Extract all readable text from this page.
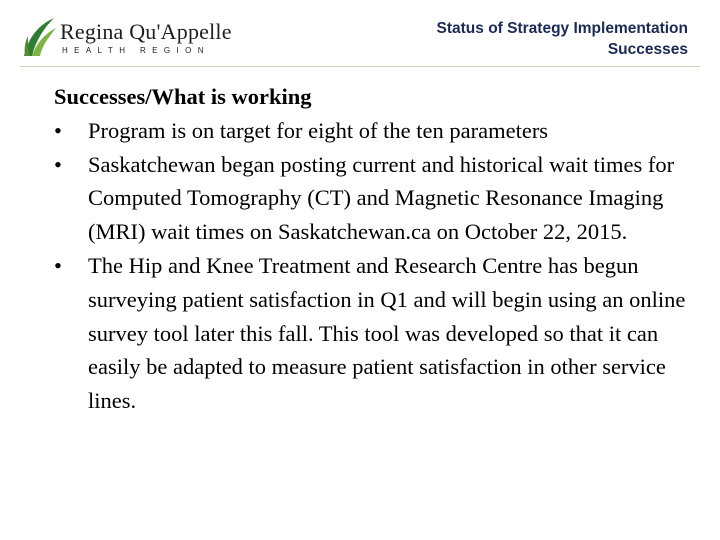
Regina Qu'Appelle
HEALTH REGION
Status of Strategy Implementation
Successes
Successes/What is working
• Program is on target for eight of the ten parameters
• Saskatchewan began posting current and historical wait times for Computed Tomography (CT) and Magnetic Resonance Imaging (MRI) wait times on Saskatchewan.ca on October 22, 2015.
• The Hip and Knee Treatment and Research Centre has begun surveying patient satisfaction in Q1 and will begin using an online survey tool later this fall. This tool was developed so that it can easily be adapted to measure patient satisfaction in other service lines.
